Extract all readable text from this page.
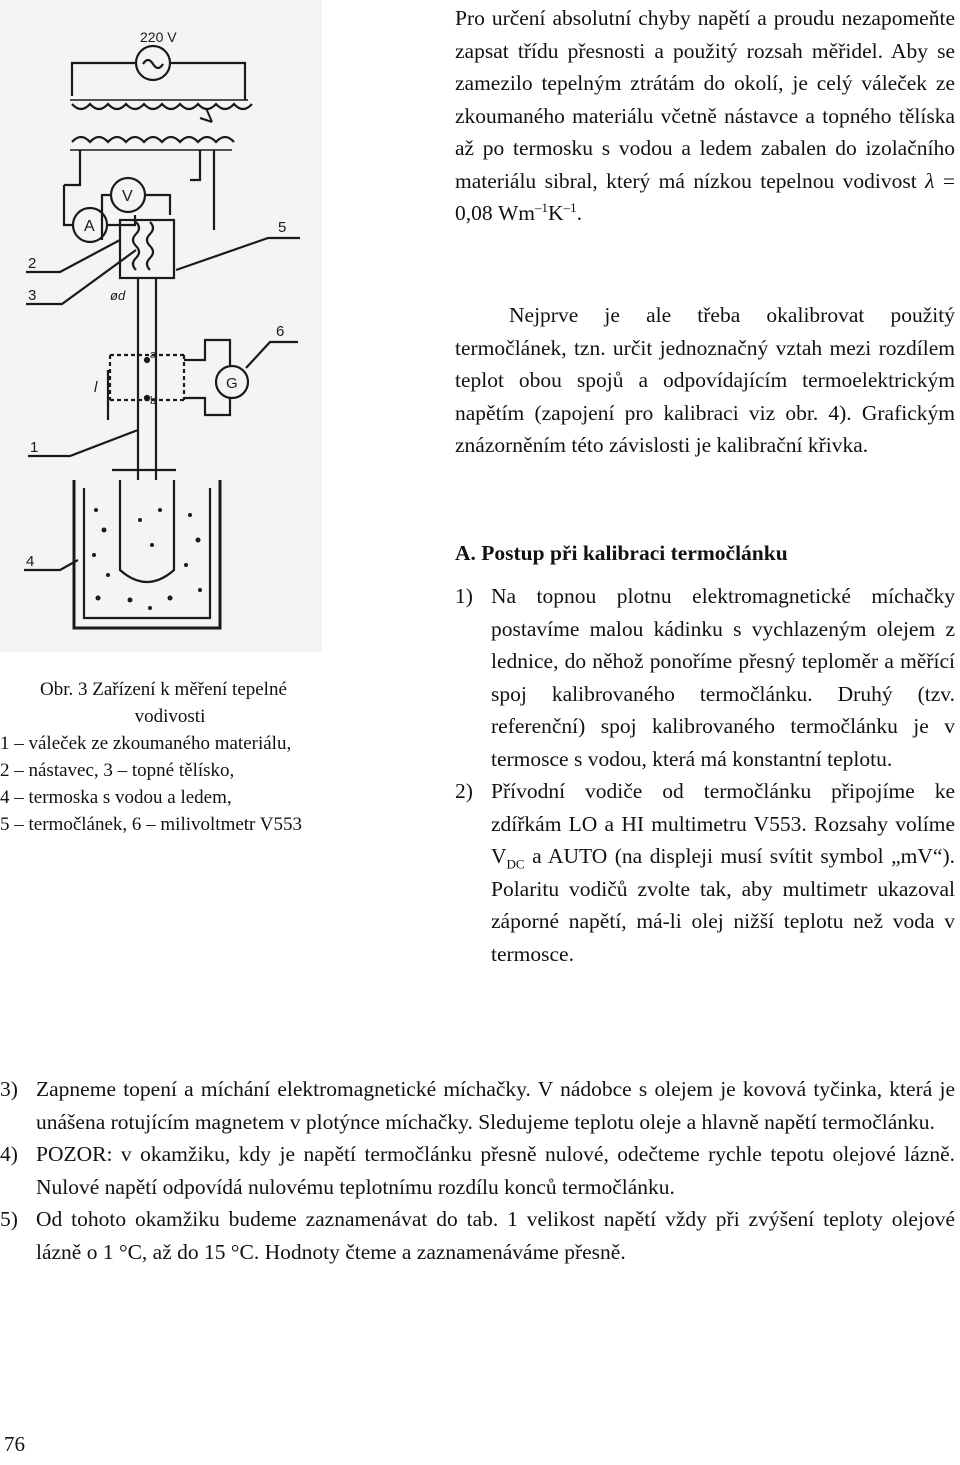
220 V
A
V
ød
a
b
l	G
2
3
1
4
5
6
Obr. 3 Zařízení k měření tepelné
vodivosti
1 – váleček ze zkoumaného materiálu,
2 – nástavec, 3 – topné tělísko,
4 – termoska s vodou a ledem,
5 – termočlánek, 6 – milivoltmetr V553
Pro určení absolutní chyby napětí a proudu nezapomeňte zapsat třídu přesnosti a použitý rozsah měřidel. Aby se zamezilo tepelným ztrátám do okolí, je celý váleček ze zkoumaného materiálu včetně nástavce a topného tělíska až po termosku s vodou a ledem zabalen do izolačního materiálu sibral, který má nízkou tepelnou vodivost λ = 0,08 $Wm^{-1}K^{-1}$.
Nejprve je ale třeba okalibrovat použitý termočlánek, tzn. určit jednoznačný vztah mezi rozdílem teplot obou spojů a odpovídajícím termoelektrickým napětím (zapojení pro kalibraci viz obr. 4). Grafickým znázorněním této závislosti je kalibrační křivka.
A. Postup při kalibraci termočlánku
1) Na topnou plotnu elektromagnetické míchačky postavíme malou kádinku s vychlazeným olejem z lednice, do něhož ponoříme přesný teploměr a měřící spoj kalibrovaného termočlánku. Druhý (tzv. referenční) spoj kalibrovaného termočlánku je v termosce s vodou, která má konstantní teplotu.
2) Přívodní vodiče od termočlánku připojíme ke zdířkám LO a HI multimetru V553. Rozsahy volíme $V_{DC}$ a AUTO (na displeji musí svítit symbol „mV“). Polaritu vodičů zvolte tak, aby multimetr ukazoval záporné napětí, má-li olej nižší teplotu než voda v termosce.
3) Zapneme topení a míchání elektromagnetické míchačky. V nádobce s olejem je kovová tyčinka, která je unášena rotujícím magnetem v plotýnce míchačky. Sledujeme teplotu oleje a hlavně napětí termočlánku.
4) POZOR: v okamžiku, kdy je napětí termočlánku přesně nulové, odečteme rychle tepotu olejové lázně. Nulové napětí odpovídá nulovému teplotnímu rozdílu konců termočlánku.
5) Od tohoto okamžiku budeme zaznamenávat do tab. 1 velikost napětí vždy při zvýšení teploty olejové lázně o 1 °C, až do 15 °C. Hodnoty čteme a zaznamenáváme přesně.
76
